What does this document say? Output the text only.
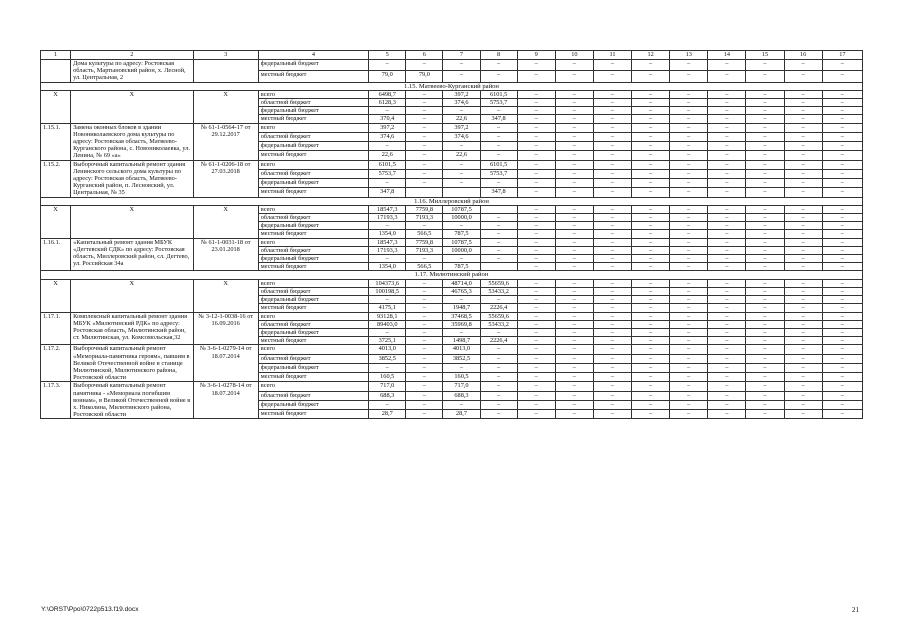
1	2	3	4	5	6	7	8	9	10	11	12	13	14	15	16	17
	Дома культуры по адресу: Ростовская область, Мартыновский район, х. Лесной, ул. Центральная, 2		федеральный бюджет	–	–	–	–	–	–	–	–	–	–	–	–	–
			местный бюджет	79,0	79,0	–	–	–	–	–	–	–	–	–	–	–
1.15. Матвеево-Курганский район																
X	X	X	всего	6498,7	–	397,2	6101,5	–	–	–	–	–	–	–	–	–
			областной бюджет	6128,3	–	374,6	5753,7	–	–	–	–	–	–	–	–	–
			федеральный бюджет	–	–	–	–	–	–	–	–	–	–	–	–	–
			местный бюджет	370,4	–	22,6	347,8	–	–	–	–	–	–	–	–	–
1.15.1.	Замена оконных блоков в здании Новониколаевского дома культуры по адресу: Ростовская область, Матвеево-Курганского района, с. Новониколаевка, ул. Ленина, № 69 «а»	№ 61-1-0564-17 от 29.12.2017	всего	397,2	–	397,2	–	–	–	–	–	–	–	–	–	–
			областной бюджет	374,6	–	374,6	–	–	–	–	–	–	–	–	–	–
			федеральный бюджет	–	–	–	–	–	–	–	–	–	–	–	–	–
			местный бюджет	22,6	–	22,6	–	–	–	–	–	–	–	–	–	–
1.15.2.	Выборочный капитальный ремонт здания Ленинского сельского дома культуры по адресу: Ростовская область, Матвеево-Курганский район, п. Лесновский, ул. Центральная, № 35	№ 61-1-0206-18 от 27.03.2018	всего	6101,5	–	–	6101,5	–	–	–	–	–	–	–	–	–
			областной бюджет	5753,7	–	–	5753,7	–	–	–	–	–	–	–	–	–
			федеральный бюджет	–	–	–	–	–	–	–	–	–	–	–	–	–
			местный бюджет	347,8			347,8	–	–	–	–	–	–	–	–	–
1.16. Миллеровский район																
X	X	X	всего	18547,3	7759,8	10787,5		–	–	–	–	–	–	–	–	–
			областной бюджет	17193,3	7193,3	10000,0	–	–	–	–	–	–	–	–	–	–
			федеральный бюджет	–	–	–	–	–	–	–	–	–	–	–	–	–
			местный бюджет	1354,0	566,5	787,5	–	–	–	–	–	–	–	–	–	–
1.16.1.	«Капитальный ремонт здания МБУК «Дегтевский СДК» по адресу: Ростовская область, Миллеровский район, сл. Дегтево, ул. Российская 34а	№ 61-1-0031-18 от 23.01.2018	всего	18547,3	7759,8	10787,5	–	–	–	–	–	–	–	–	–	–
			областной бюджет	17193,3	7193,3	10000,0	–	–	–	–	–	–	–	–	–	–
			федеральный бюджет	–	–	–	–	–	–	–	–	–	–	–	–	–
			местный бюджет	1354,0	566,5	787,5		–	–	–	–	–	–	–	–	–
1.17. Милютинский район																
X	X	X	всего	104373,6	–	48714,0	55659,6	–	–	–	–	–	–	–	–	–
			областной бюджет	100198,5	–	46765,3	53433,2	–	–	–	–	–	–	–	–	–
			федеральный бюджет	–	–	–	–	–	–	–	–	–	–	–	–	–
			местный бюджет	4175,1	–	1948,7	2226,4	–	–	–	–	–	–	–	–	–
1.17.1.	Комплексный капитальный ремонт здания МБУК «Милютинский РДК» по адресу: Ростовская область, Милютинский район, ст. Милютинская, ул. Комсомольская,32	№ 3-12-1-0038-16 от 16.09.2016	всего	93128,1	–	37468,5	55659,6	–	–	–	–	–	–	–	–	–
			областной бюджет	89403,0	–	35969,8	53433,2	–	–	–	–	–	–	–	–	–
			федеральный бюджет	–	–	–	–	–	–	–	–	–	–	–	–	–
			местный бюджет	3725,1	–	1498,7	2226,4	–	–	–	–	–	–	–	–	–
1.17.2.	Выборочный капитальный ремонт «Мемориала-памятника героям», павшим в Великой Отечественной войне в станице Милютинской, Милютинского района, Ростовской области	№ 3-6-1-0279-14 от 18.07.2014	всего	4013,0	–	4013,0	–	–	–	–	–	–	–	–	–	–
			областной бюджет	3852,5	–	3852,5	–	–	–	–	–	–	–	–	–	–
			федеральный бюджет	–	–	–	–	–	–	–	–	–	–	–	–	–
			местный бюджет	160,5	–	160,5	–	–	–	–	–	–	–	–	–	–
1.17.3.	Выборочный капитальный ремонт памятника - «Мемориала погибшим воинам», в Великой Отечественной войне в х. Николина, Милютинского района, Ростовской области	№ 3-6-1-0278-14 от 18.07.2014	всего	717,0	–	717,0	–	–	–	–	–	–	–	–	–	–
			областной бюджет	688,3	–	688,3	–	–	–	–	–	–	–	–	–	–
			федеральный бюджет	–	–	–	–	–	–	–	–	–	–	–	–	–
			местный бюджет	28,7	–	28,7	–	–	–	–	–	–	–	–	–	–
Y:\ORST\Ppo\0722p513.f19.docx	21
